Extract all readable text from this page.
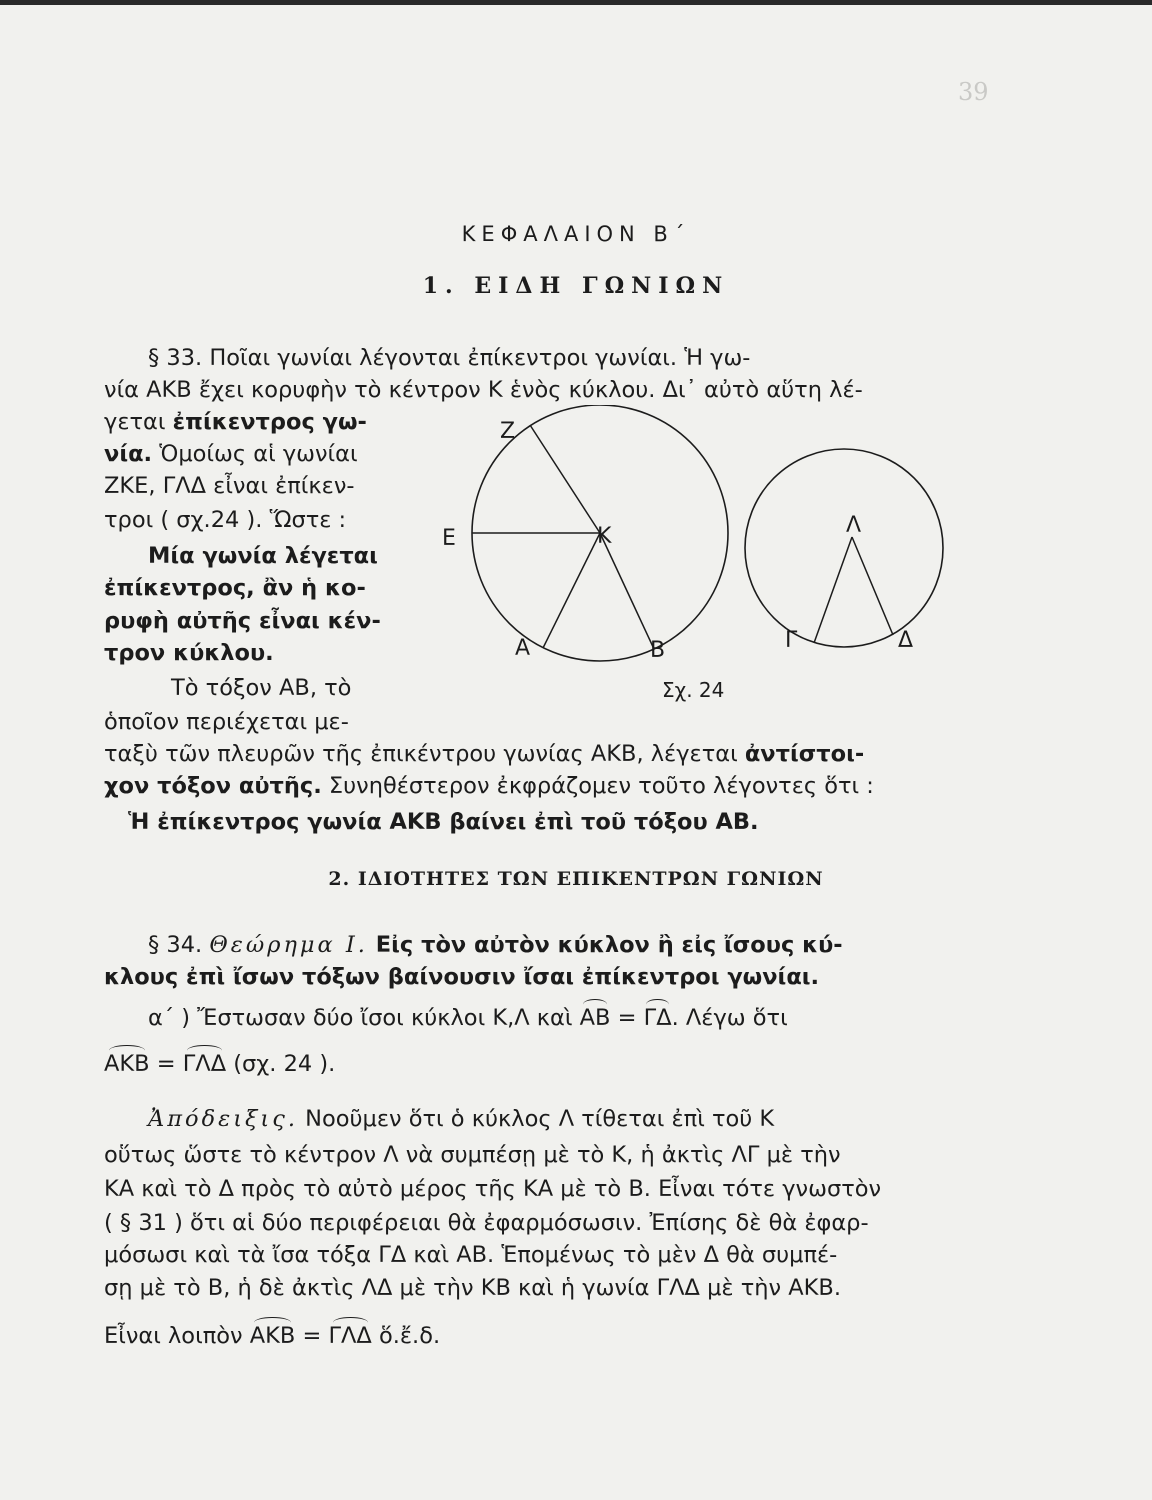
39
ΚΕΦΑΛΑΙΟΝ Β΄
1. ΕΙΔΗ ΓΩΝΙΩΝ
§ 33. Ποῖαι γωνίαι λέγονται ἐπίκεντροι γωνίαι. Ἡ γω-
νία ΑΚΒ ἔχει κορυφὴν τὸ κέντρον Κ ἑνὸς κύκλου. Δι᾿ αὐτὸ αὕτη λέ-
γεται ἐπίκεντρος γω-
νία. Ὁμοίως αἱ γωνίαι
ΖΚΕ, ΓΛΔ εἶναι ἐπίκεν-
τροι ( σχ.24 ). Ὥστε :
Μία γωνία λέγεται
ἐπίκεντρος, ἂν ἡ κο-
ρυφὴ αὐτῆς εἶναι κέν-
τρον κύκλου.
Τὸ τόξον ΑΒ, τὸ
ὁποῖον περιέχεται με-
ταξὺ τῶν πλευρῶν τῆς ἐπικέντρου γωνίας ΑΚΒ, λέγεται ἀντίστοι-
χον τόξον αὐτῆς. Συνηθέστερον ἐκφράζομεν τοῦτο λέγοντες ὅτι :
Ἡ ἐπίκεντρος γωνία ΑΚΒ βαίνει ἐπὶ τοῦ τόξου ΑΒ.
Ζ
Ε	Κ
Α	Β
Λ
Γ	Δ
Σχ. 24
2. ΙΔΙΟΤΗΤΕΣ ΤΩΝ ΕΠΙΚΕΝΤΡΩΝ ΓΩΝΙΩΝ
§ 34. Θεώρημα Ι. Εἰς τὸν αὐτὸν κύκλον ἢ εἰς ἴσους κύ-
κλους ἐπὶ ἴσων τόξων βαίνουσιν ἴσαι ἐπίκεντροι γωνίαι.
α΄ ) Ἔστωσαν δύο ἴσοι κύκλοι Κ,Λ καὶ ΑΒ = ΓΔ. Λέγω ὅτι
ΑΚΒ = ΓΛΔ (σχ. 24 ).
Ἀπόδειξις. Νοοῦμεν ὅτι ὁ κύκλος Λ τίθεται ἐπὶ τοῦ Κ
οὕτως ὥστε τὸ κέντρον Λ νὰ συμπέσῃ μὲ τὸ Κ, ἡ ἀκτὶς ΛΓ μὲ τὴν
ΚΑ καὶ τὸ Δ πρὸς τὸ αὐτὸ μέρος τῆς ΚΑ μὲ τὸ Β. Εἶναι τότε γνωστὸν
( § 31 ) ὅτι αἱ δύο περιφέρειαι θὰ ἐφαρμόσωσιν. Ἐπίσης δὲ θὰ ἐφαρ-
μόσωσι καὶ τὰ ἴσα τόξα ΓΔ καὶ ΑΒ. Ἑπομένως τὸ μὲν Δ θὰ συμπέ-
σῃ μὲ τὸ Β, ἡ δὲ ἀκτὶς ΛΔ μὲ τὴν ΚΒ καὶ ἡ γωνία ΓΛΔ μὲ τὴν ΑΚΒ.
Εἶναι λοιπὸν ΑΚΒ = ΓΛΔ ὅ.ἔ.δ.
